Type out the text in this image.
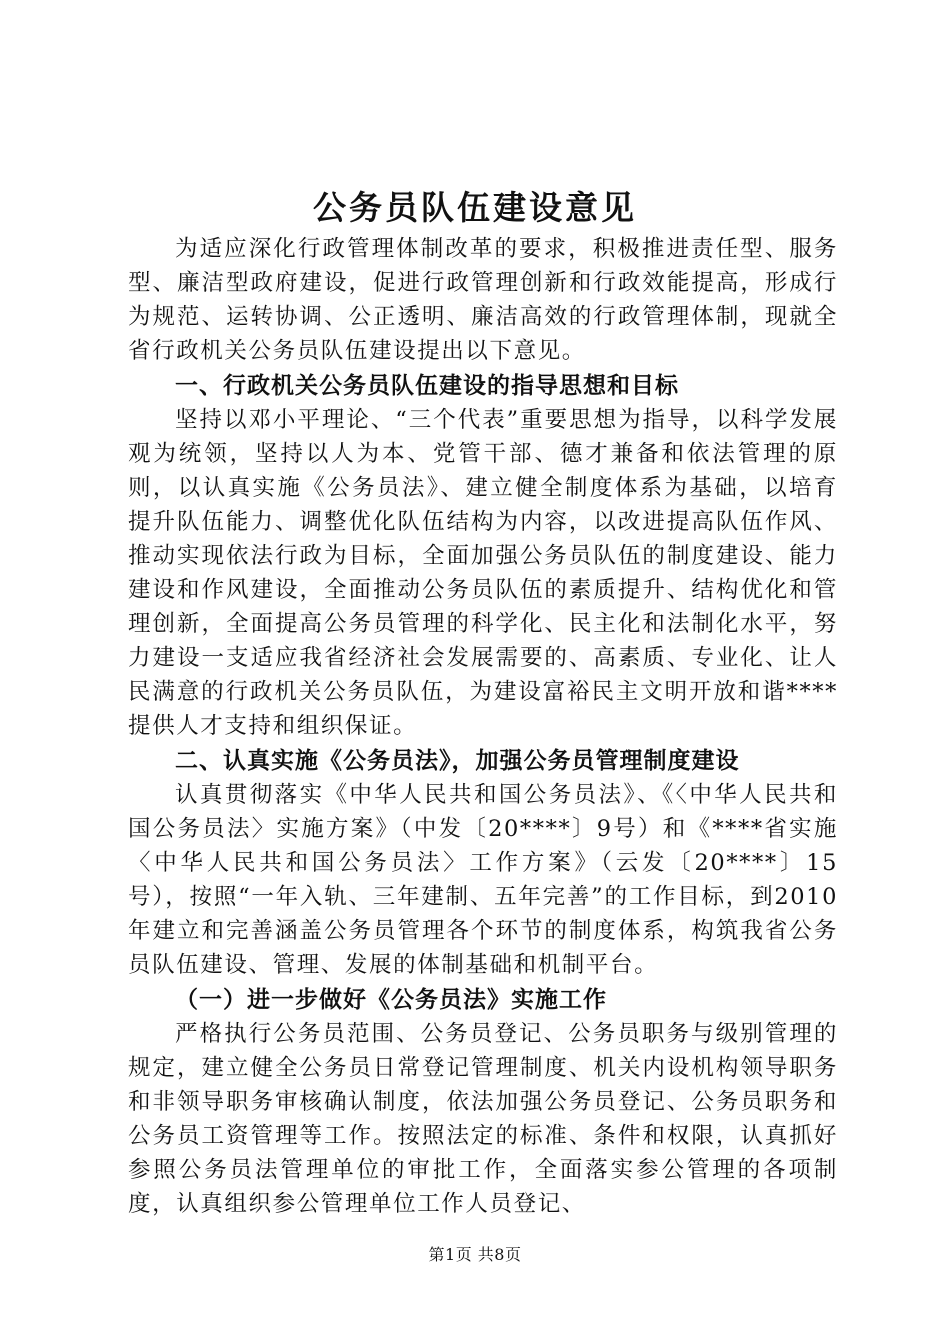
公务员队伍建设意见

为适应深化行政管理体制改革的要求，积极推进责任型、服务型、廉洁型政府建设，促进行政管理创新和行政效能提高，形成行为规范、运转协调、公正透明、廉洁高效的行政管理体制，现就全省行政机关公务员队伍建设提出以下意见。

一、行政机关公务员队伍建设的指导思想和目标

坚持以邓小平理论、“三个代表”重要思想为指导，以科学发展观为统领，坚持以人为本、党管干部、德才兼备和依法管理的原则，以认真实施《公务员法》、建立健全制度体系为基础，以培育提升队伍能力、调整优化队伍结构为内容，以改进提高队伍作风、推动实现依法行政为目标，全面加强公务员队伍的制度建设、能力建设和作风建设，全面推动公务员队伍的素质提升、结构优化和管理创新，全面提高公务员管理的科学化、民主化和法制化水平，努力建设一支适应我省经济社会发展需要的、高素质、专业化、让人民满意的行政机关公务员队伍，为建设富裕民主文明开放和谐****提供人才支持和组织保证。

二、认真实施《公务员法》，加强公务员管理制度建设

认真贯彻落实《中华人民共和国公务员法》、《〈中华人民共和国公务员法〉实施方案》（中发〔20****〕9号）和《****省实施〈中华人民共和国公务员法〉工作方案》（云发〔20****〕15号），按照“一年入轨、三年建制、五年完善”的工作目标，到2010年建立和完善涵盖公务员管理各个环节的制度体系，构筑我省公务员队伍建设、管理、发展的体制基础和机制平台。

（一）进一步做好《公务员法》实施工作

严格执行公务员范围、公务员登记、公务员职务与级别管理的规定，建立健全公务员日常登记管理制度、机关内设机构领导职务和非领导职务审核确认制度，依法加强公务员登记、公务员职务和公务员工资管理等工作。按照法定的标准、条件和权限，认真抓好参照公务员法管理单位的审批工作，全面落实参公管理的各项制度，认真组织参公管理单位工作人员登记、

第1页 共8页
